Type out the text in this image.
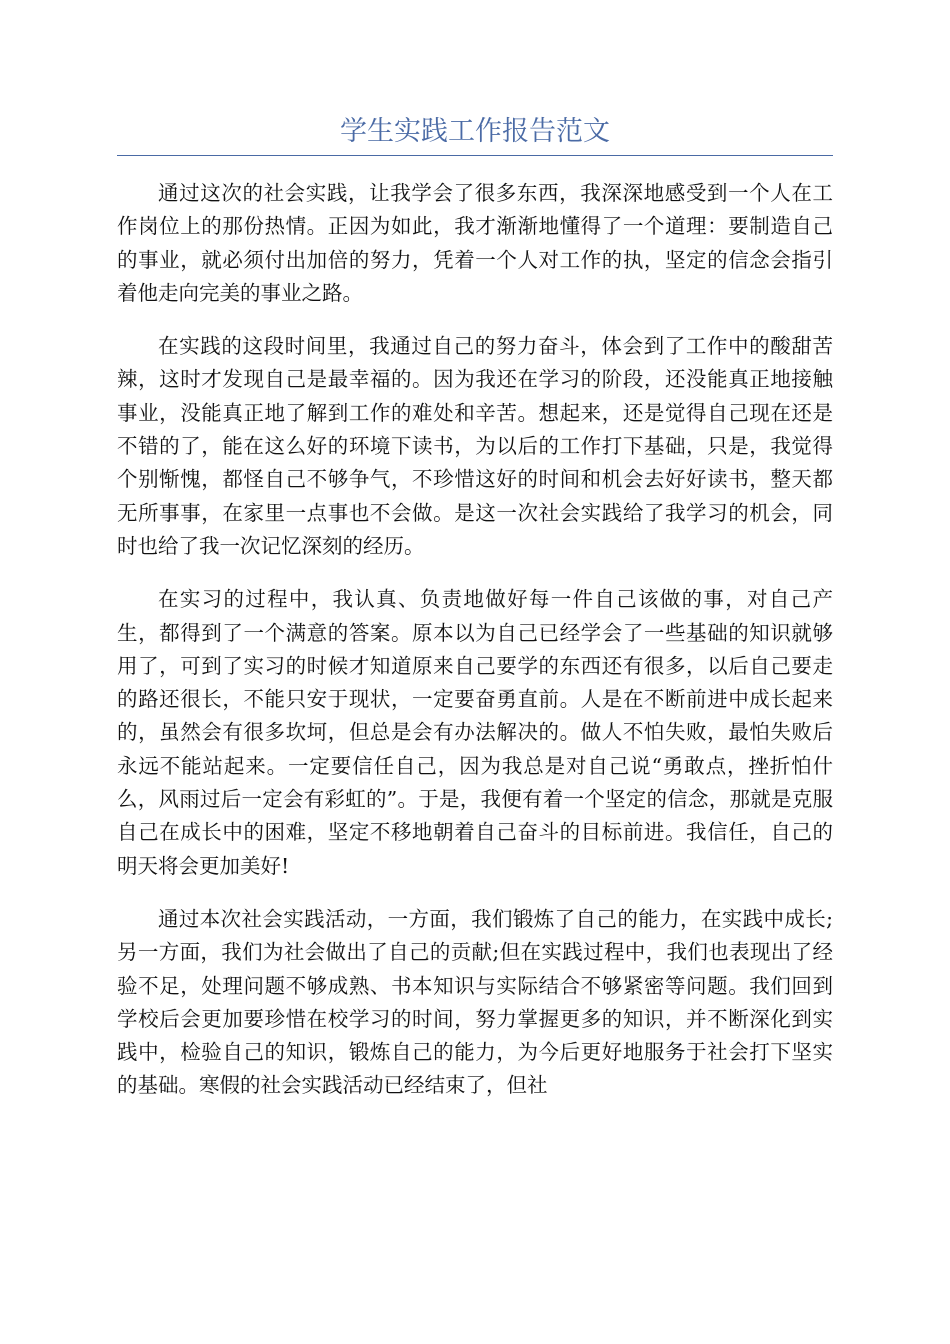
学生实践工作报告范文

通过这次的社会实践，让我学会了很多东西，我深深地感受到一个人在工作岗位上的那份热情。正因为如此，我才渐渐地懂得了一个道理：要制造自己的事业，就必须付出加倍的努力，凭着一个人对工作的执，坚定的信念会指引着他走向完美的事业之路。

在实践的这段时间里，我通过自己的努力奋斗，体会到了工作中的酸甜苦辣，这时才发现自己是最幸福的。因为我还在学习的阶段，还没能真正地接触事业，没能真正地了解到工作的难处和辛苦。想起来，还是觉得自己现在还是不错的了，能在这么好的环境下读书，为以后的工作打下基础，只是，我觉得个别惭愧，都怪自己不够争气，不珍惜这好的时间和机会去好好读书，整天都无所事事，在家里一点事也不会做。是这一次社会实践给了我学习的机会，同时也给了我一次记忆深刻的经历。

在实习的过程中，我认真、负责地做好每一件自己该做的事，对自己产生，都得到了一个满意的答案。原本以为自己已经学会了一些基础的知识就够用了，可到了实习的时候才知道原来自己要学的东西还有很多，以后自己要走的路还很长，不能只安于现状，一定要奋勇直前。人是在不断前进中成长起来的，虽然会有很多坎坷，但总是会有办法解决的。做人不怕失败，最怕失败后永远不能站起来。一定要信任自己，因为我总是对自己说“勇敢点，挫折怕什么，风雨过后一定会有彩虹的”。于是，我便有着一个坚定的信念，那就是克服自己在成长中的困难，坚定不移地朝着自己奋斗的目标前进。我信任，自己的明天将会更加美好!

通过本次社会实践活动，一方面，我们锻炼了自己的能力，在实践中成长;另一方面，我们为社会做出了自己的贡献;但在实践过程中，我们也表现出了经验不足，处理问题不够成熟、书本知识与实际结合不够紧密等问题。我们回到学校后会更加要珍惜在校学习的时间，努力掌握更多的知识，并不断深化到实践中，检验自己的知识，锻炼自己的能力，为今后更好地服务于社会打下坚实的基础。寒假的社会实践活动已经结束了，但社
